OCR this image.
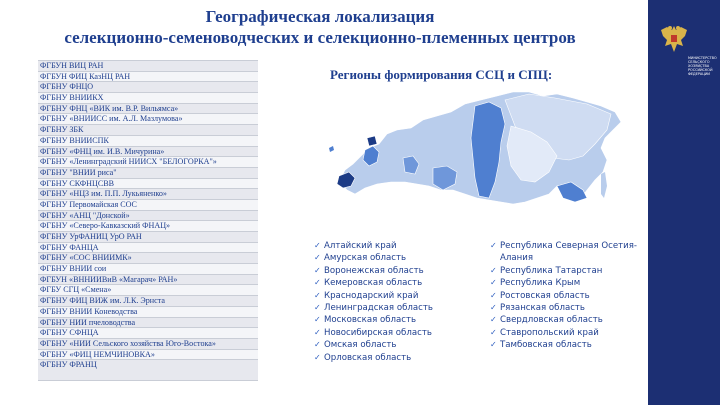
Географическая локализация
селекционно-семеноводческих и селекционно-племенных центров
ФГБУН ВИЦ РАН
ФГБУН ФИЦ КазНЦ РАН
ФГБНУ ФНЦО
ФГБНУ ВНИИКХ
ФГБНУ ФНЦ «ВИК им. В.Р. Вильямса»
ФГБНУ «ВНИИСС им. А.Л. Мазлумова»
ФГБНУ ЗБК
ФГБНУ ВНИИСПК
ФГБНУ «ФНЦ им. И.В. Мичурина»
ФГБНУ «Ленинградский НИИСХ "БЕЛОГОРКА"»
ФГБНУ "ВНИИ риса"
ФГБНУ СКФНЦСВВ
ФГБНУ «НЦЗ им. П.П. Лукьяненко»
ФГБНУ Первомайская СОС
ФГБНУ «АНЦ "Донской»
ФГБНУ «Северо-Кавказский ФНАЦ»
ФГБНУ УрФАНИЦ УрО РАН
ФГБНУ ФАНЦА
ФГБНУ «СОС ВНИИМК»
ФГБНУ ВНИИ сои
ФГБУН «ВННИИВиВ «Магарач» РАН»
ФГБУ СГЦ «Смена»
ФГБНУ ФИЦ ВИЖ им. Л.К. Эрнста
ФГБНУ ВНИИ Коневодства
ФГБНУ НИИ пчеловодства
ФГБНУ СФНЦА
ФГБНУ «НИИ Сельского хозяйства Юго-Востока»
ФГБНУ «ФИЦ НЕМЧИНОВКА»
ФГБНУ ФРАНЦ
Регионы формирования ССЦ и СПЦ:
✓ Алтайский край
✓ Амурская область
✓ Воронежская область
✓ Кемеровская область
✓ Краснодарский край
✓ Ленинградская область
✓ Московская область
✓ Новосибирская область
✓ Омская область
✓ Орловская область
✓ Республика Северная Осетия-Алания
✓ Республика Татарстан
✓ Республика Крым
✓ Ростовская область
✓ Рязанская область
✓ Свердловская область
✓ Ставропольский край
✓ Тамбовская область
МИНИСТЕРСТВО СЕЛЬСКОГО ХОЗЯЙСТВА РОССИЙСКОЙ ФЕДЕРАЦИИ
